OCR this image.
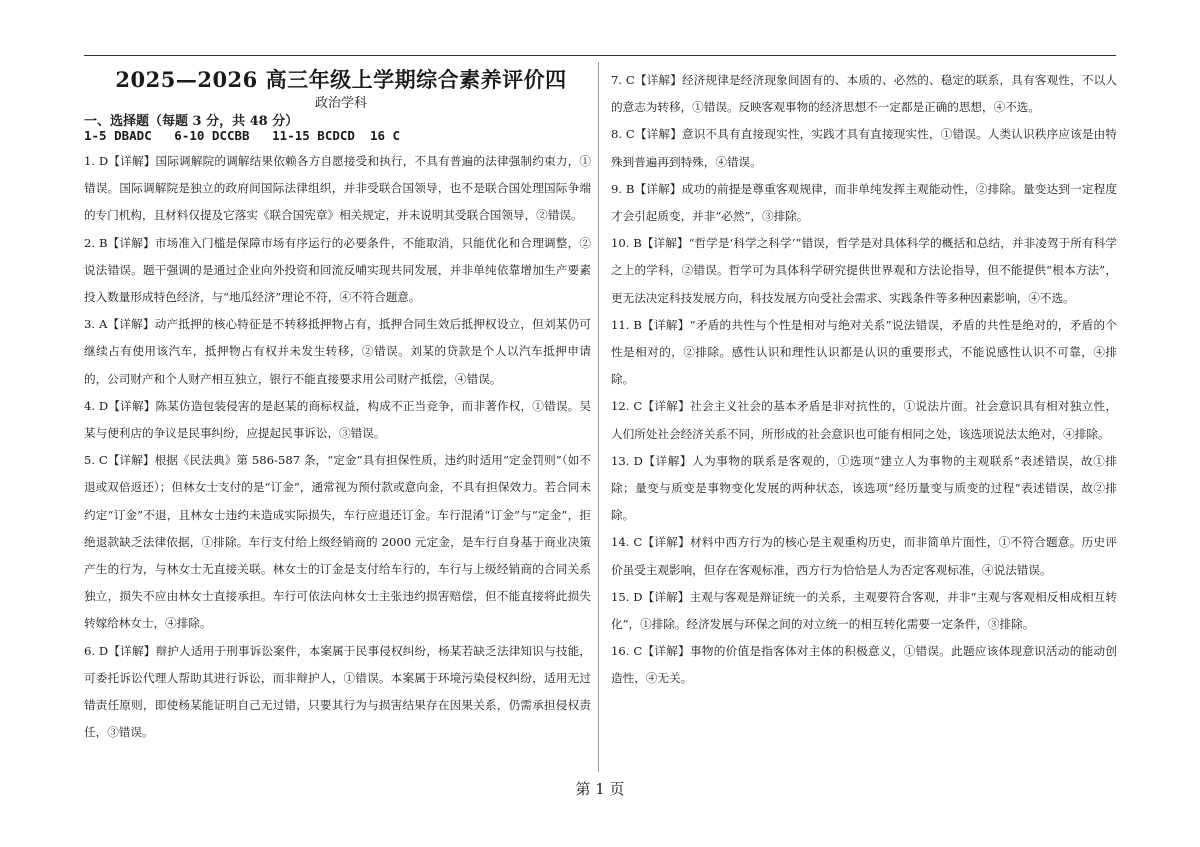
2025—2026 高三年级上学期综合素养评价四
政治学科
一、选择题（每题 3 分，共 48 分）
1-5 DBADC   6-10 DCCBB   11-15 BCDCD  16 C

1. D【详解】国际调解院的调解结果依赖各方自愿接受和执行，不具有普遍的法律强制约束力，①错误。国际调解院是独立的政府间国际法律组织，并非受联合国领导，也不是联合国处理国际争端的专门机构，且材料仅提及它落实《联合国宪章》相关规定，并未说明其受联合国领导，②错误。

2. B【详解】市场准入门槛是保障市场有序运行的必要条件，不能取消，只能优化和合理调整，②说法错误。题干强调的是通过企业向外投资和回流反哺实现共同发展，并非单纯依靠增加生产要素投入数量形成特色经济，与“地瓜经济”理论不符，④不符合题意。

3. A【详解】动产抵押的核心特征是不转移抵押物占有，抵押合同生效后抵押权设立，但刘某仍可继续占有使用该汽车，抵押物占有权并未发生转移，②错误。刘某的贷款是个人以汽车抵押申请的，公司财产和个人财产相互独立，银行不能直接要求用公司财产抵偿，④错误。

4. D【详解】陈某仿造包装侵害的是赵某的商标权益，构成不正当竞争，而非著作权，①错误。吴某与便利店的争议是民事纠纷，应提起民事诉讼，③错误。

5. C【详解】根据《民法典》第 586-587 条，“定金”具有担保性质，违约时适用“定金罚则”（如不退或双倍返还）；但林女士支付的是“订金”，通常视为预付款或意向金，不具有担保效力。若合同未约定“订金”不退，且林女士违约未造成实际损失，车行应退还订金。车行混淆“订金”与“定金”，拒绝退款缺乏法律依据，①排除。车行支付给上级经销商的 2000 元定金，是车行自身基于商业决策产生的行为，与林女士无直接关联。林女士的订金是支付给车行的，车行与上级经销商的合同关系独立，损失不应由林女士直接承担。车行可依法向林女士主张违约损害赔偿，但不能直接将此损失转嫁给林女士，④排除。

6. D【详解】辩护人适用于刑事诉讼案件，本案属于民事侵权纠纷，杨某若缺乏法律知识与技能，可委托诉讼代理人帮助其进行诉讼，而非辩护人，①错误。本案属于环境污染侵权纠纷，适用无过错责任原则，即使杨某能证明自己无过错，只要其行为与损害结果存在因果关系，仍需承担侵权责任，③错误。

7. C【详解】经济规律是经济现象间固有的、本质的、必然的、稳定的联系，具有客观性，不以人的意志为转移，①错误。反映客观事物的经济思想不一定都是正确的思想，④不选。

8. C【详解】意识不具有直接现实性，实践才具有直接现实性，①错误。人类认识秩序应该是由特殊到普遍再到特殊，④错误。

9. B【详解】成功的前提是尊重客观规律，而非单纯发挥主观能动性，②排除。量变达到一定程度才会引起质变，并非“必然”，③排除。

10. B【详解】“哲学是‘科学之科学’”错误，哲学是对具体科学的概括和总结，并非凌驾于所有科学之上的学科，②错误。哲学可为具体科学研究提供世界观和方法论指导，但不能提供“根本方法”，更无法决定科技发展方向，科技发展方向受社会需求、实践条件等多种因素影响，④不选。

11. B【详解】“矛盾的共性与个性是相对与绝对关系”说法错误，矛盾的共性是绝对的，矛盾的个性是相对的，②排除。感性认识和理性认识都是认识的重要形式，不能说感性认识不可靠，④排除。

12. C【详解】社会主义社会的基本矛盾是非对抗性的，①说法片面。社会意识具有相对独立性，人们所处社会经济关系不同，所形成的社会意识也可能有相同之处，该选项说法太绝对，④排除。

13. D【详解】人为事物的联系是客观的，①选项“建立人为事物的主观联系”表述错误，故①排除；量变与质变是事物变化发展的两种状态，该选项“经历量变与质变的过程”表述错误，故②排除。

14. C【详解】材料中西方行为的核心是主观重构历史，而非简单片面性，①不符合题意。历史评价虽受主观影响，但存在客观标准，西方行为恰恰是人为否定客观标准，④说法错误。

15. D【详解】主观与客观是辩证统一的关系，主观要符合客观，并非“主观与客观相反相成相互转化”，①排除。经济发展与环保之间的对立统一的相互转化需要一定条件，③排除。

16. C【详解】事物的价值是指客体对主体的积极意义，①错误。此题应该体现意识活动的能动创造性，④无关。

第 1 页
